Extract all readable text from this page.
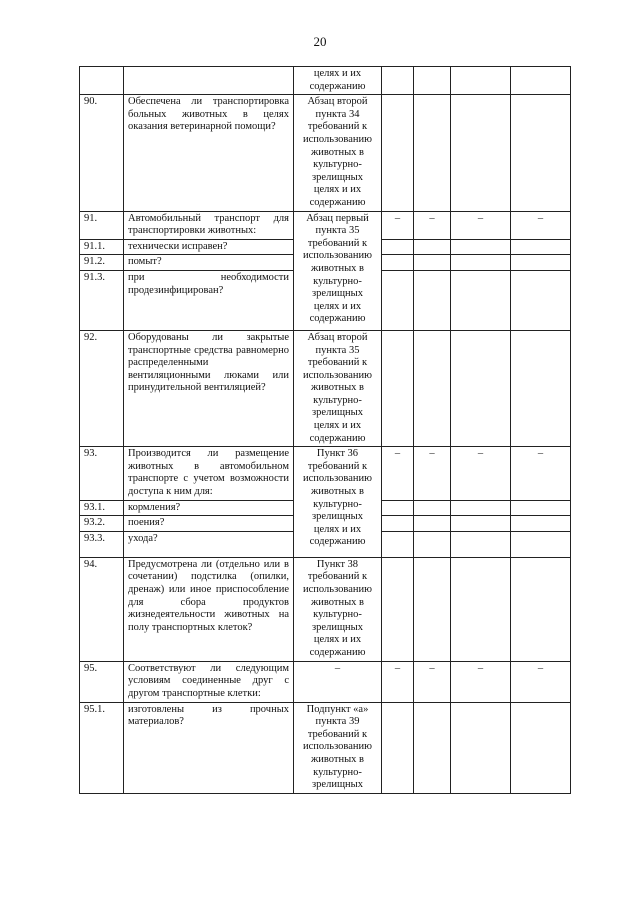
20
		целях и их содержанию	

90.	Обеспечена ли транспортировка больных животных в целях оказания ветеринарной помощи?	Абзац второй пункта 34 требований к использованию животных в культурно-зрелищных целях и их содержанию	

91.	Автомобильный транспорт для транспортировки животных:	Абзац первый пункта 35 требований к использованию животных в культурно-зрелищных целях и их содержанию	–	–	–	–

91.1.	технически исправен?		

91.2.	помыт?		

91.3.	при необходимости продезинфицирован?		

92.	Оборудованы ли закрытые транспортные средства равномерно распределенными вентиляционными люками или принудительной вентиляцией?	Абзац второй пункта 35 требований к использованию животных в культурно-зрелищных целях и их содержанию	

93.	Производится ли размещение животных в автомобильном транспорте с учетом возможности доступа к ним для:	Пункт 36 требований к использованию животных в культурно-зрелищных целях и их содержанию	–	–	–	–

93.1.	кормления?		

93.2.	поения?		

93.3.	ухода?		

94.	Предусмотрена ли (отдельно или в сочетании) подстилка (опилки, дренаж) или иное приспособление для сбора продуктов жизнедеятельности животных на полу транспортных клеток?	Пункт 38 требований к использованию животных в культурно-зрелищных целях и их содержанию	

95.	Соответствуют ли следующим условиям соединенные друг с другом транспортные клетки:	–	–	–	–	–

95.1.	изготовлены из прочных материалов?	Подпункт «а» пункта 39 требований к использованию животных в культурно-зрелищных	
